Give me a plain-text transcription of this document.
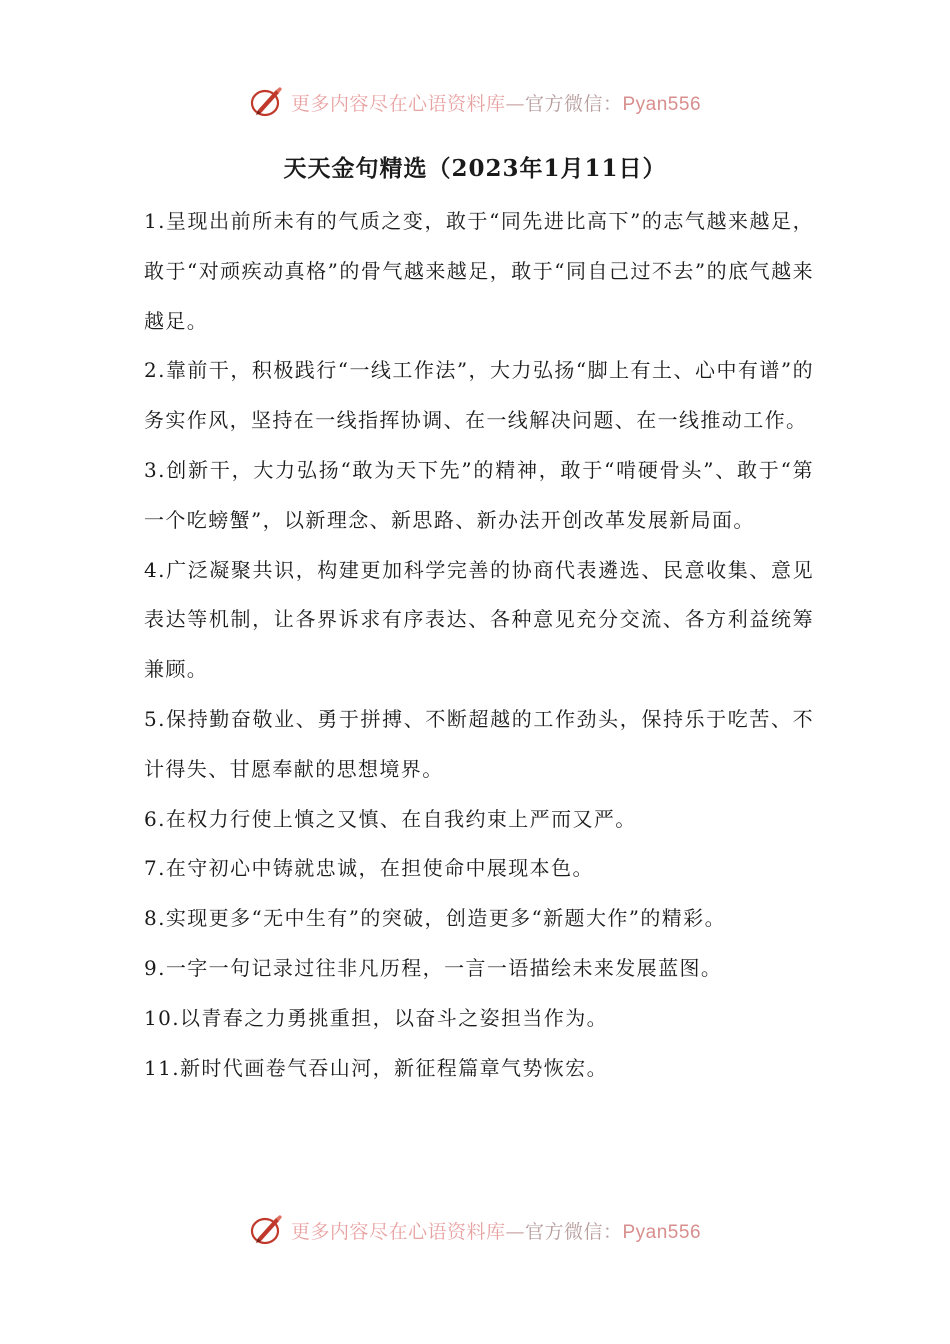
更多内容尽在心语资料库—官方微信：Pyan556
天天金句精选（2023年1月11日）

1.呈现出前所未有的气质之变，敢于“同先进比高下”的志气越来越足，敢于“对顽疾动真格”的骨气越来越足，敢于“同自己过不去”的底气越来越足。

2.靠前干，积极践行“一线工作法”，大力弘扬“脚上有土、心中有谱”的务实作风，坚持在一线指挥协调、在一线解决问题、在一线推动工作。

3.创新干，大力弘扬“敢为天下先”的精神，敢于“啃硬骨头”、敢于“第一个吃螃蟹”，以新理念、新思路、新办法开创改革发展新局面。

4.广泛凝聚共识，构建更加科学完善的协商代表遴选、民意收集、意见表达等机制，让各界诉求有序表达、各种意见充分交流、各方利益统筹兼顾。

5.保持勤奋敬业、勇于拼搏、不断超越的工作劲头，保持乐于吃苦、不计得失、甘愿奉献的思想境界。

6.在权力行使上慎之又慎、在自我约束上严而又严。

7.在守初心中铸就忠诚，在担使命中展现本色。

8.实现更多“无中生有”的突破，创造更多“新题大作”的精彩。

9.一字一句记录过往非凡历程，一言一语描绘未来发展蓝图。

10.以青春之力勇挑重担，以奋斗之姿担当作为。

11.新时代画卷气吞山河，新征程篇章气势恢宏。

更多内容尽在心语资料库—官方微信：Pyan556
